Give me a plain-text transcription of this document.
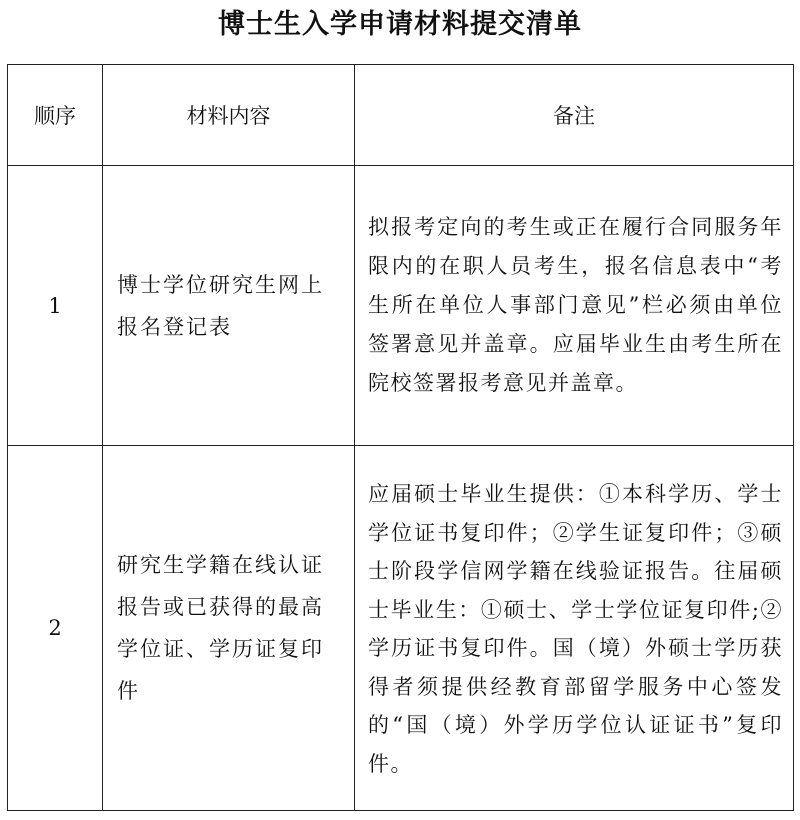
博士生入学申请材料提交清单
顺序	材料内容	备注
1	博士学位研究生网上报名登记表	拟报考定向的考生或正在履行合同服务年限内的在职人员考生，报名信息表中“考生所在单位人事部门意见”栏必须由单位签署意见并盖章。应届毕业生由考生所在院校签署报考意见并盖章。
2	研究生学籍在线认证报告或已获得的最高学位证、学历证复印件	应届硕士毕业生提供：①本科学历、学士学位证书复印件；②学生证复印件；③硕士阶段学信网学籍在线验证报告。往届硕士毕业生：①硕士、学士学位证复印件;②学历证书复印件。国（境）外硕士学历获得者须提供经教育部留学服务中心签发的“国（境）外学历学位认证证书”复印件。
